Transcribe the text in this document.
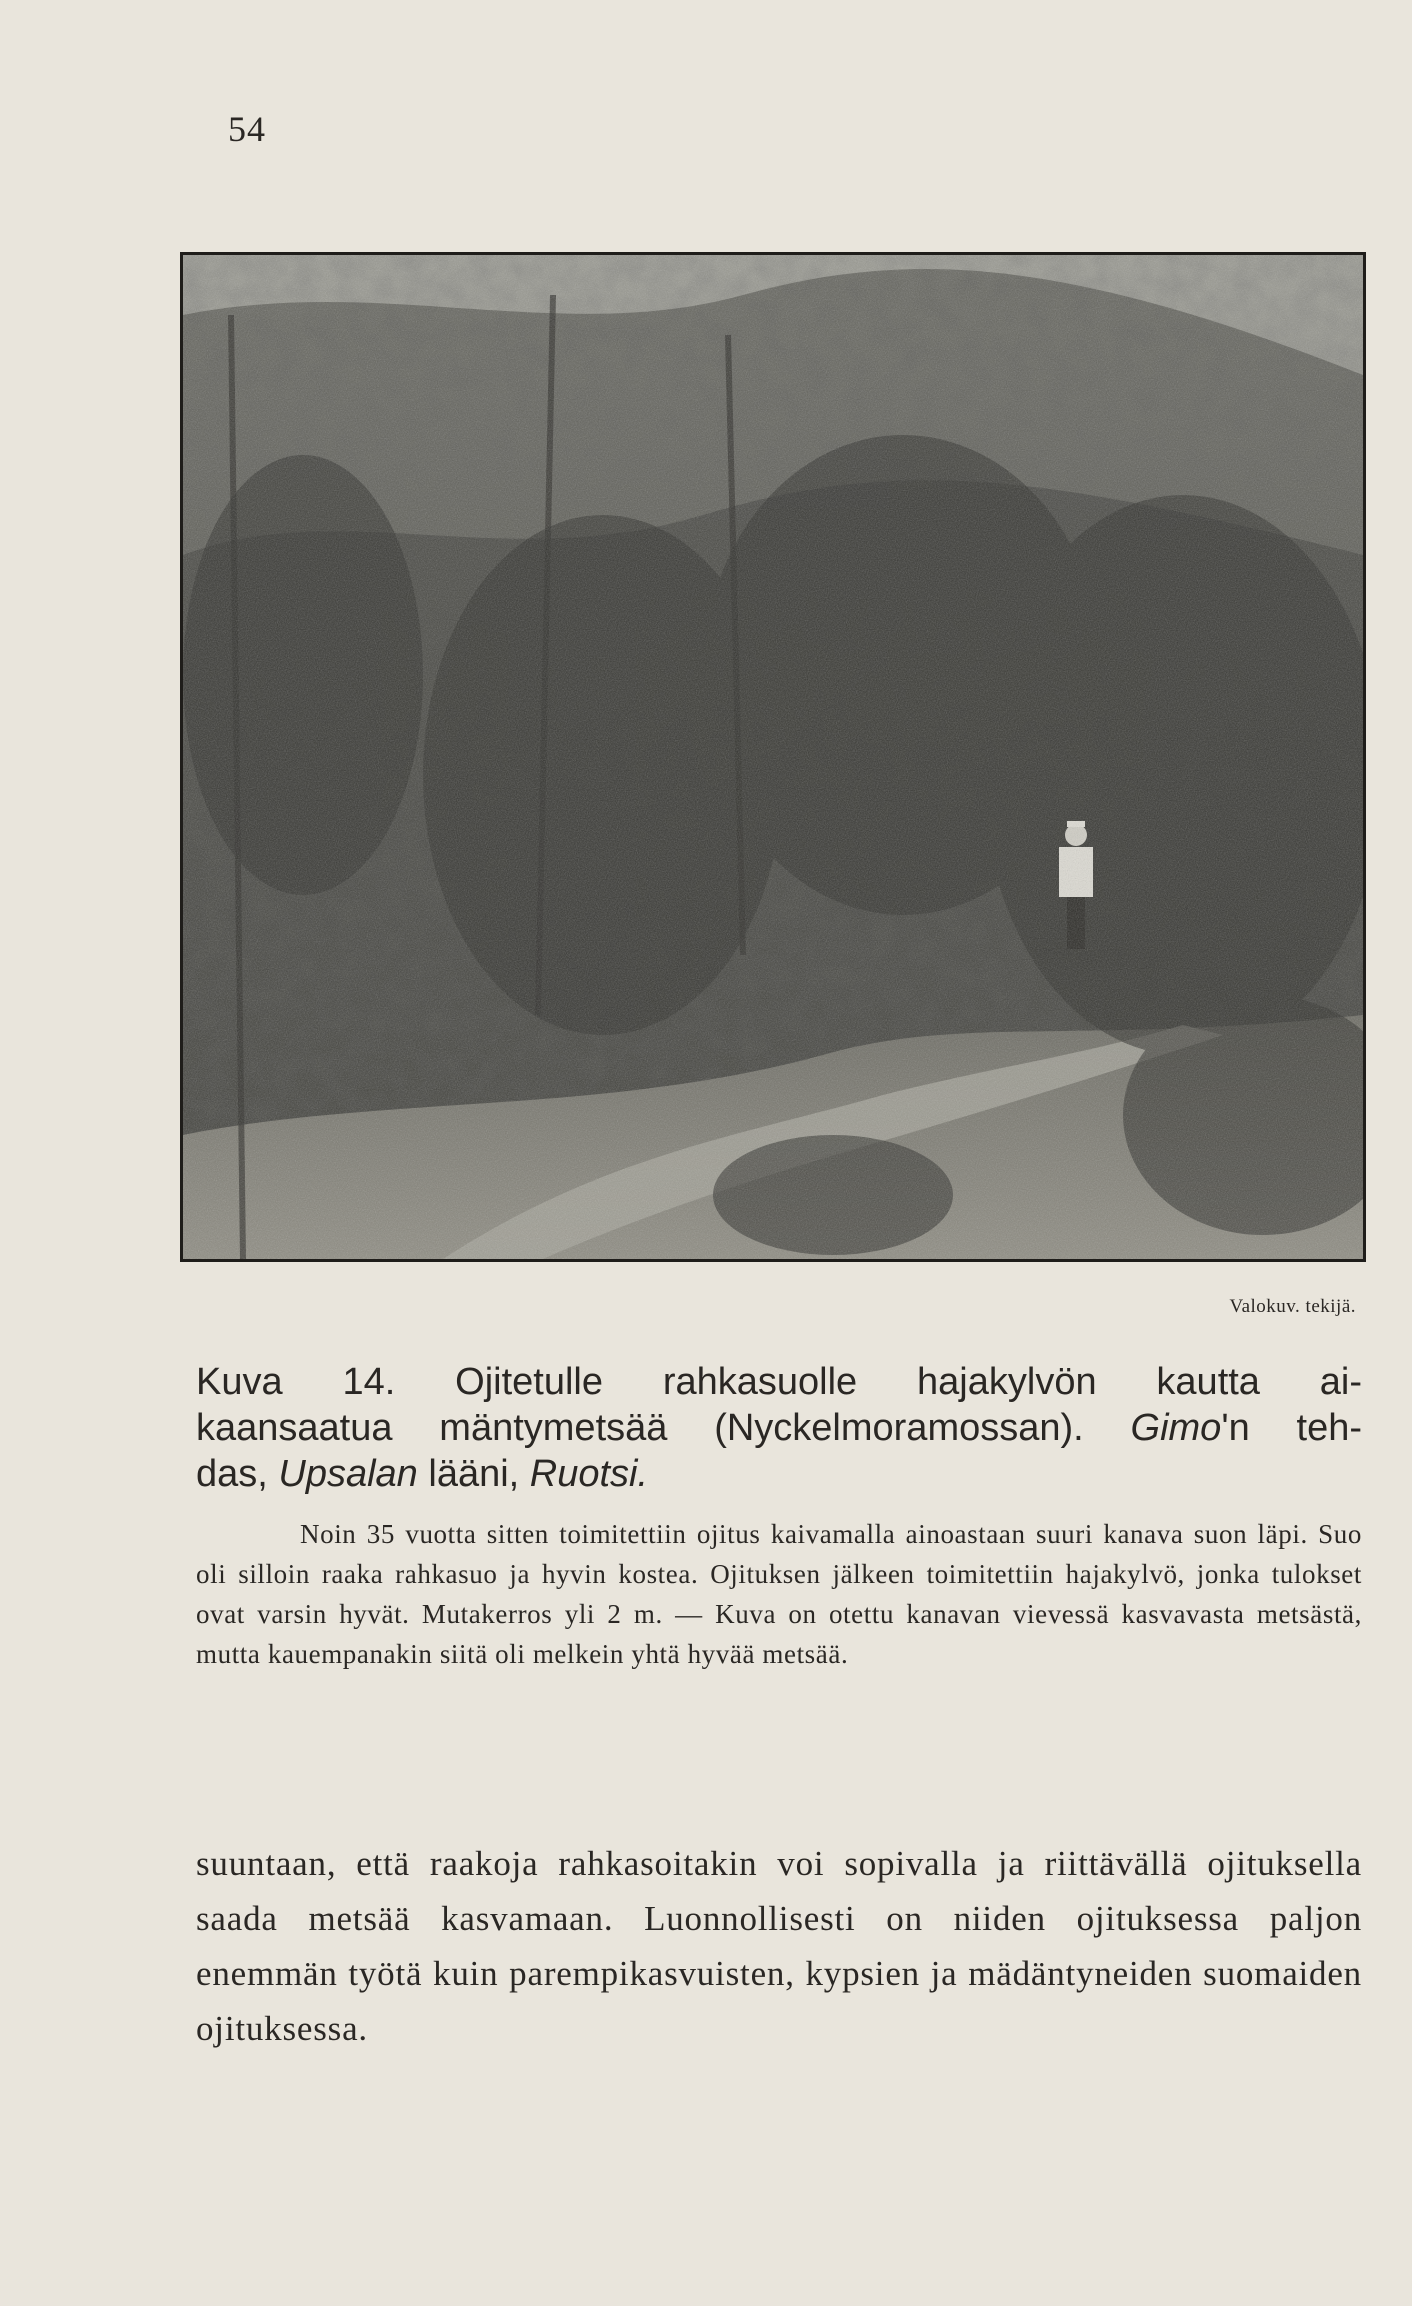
54
Valokuv. tekijä.

Kuva 14. Ojitetulle rahkasuolle hajakylvön kautta ai-

kaansaatua mäntymetsää (Nyckelmoramossan). Gimo'n teh-

das, Upsalan lääni, Ruotsi.

Noin 35 vuotta sitten toimitettiin ojitus kaivamalla ainoastaan suuri kanava suon läpi. Suo oli silloin raaka rahkasuo ja hyvin kostea. Ojituksen jälkeen toimitettiin hajakylvö, jonka tulokset ovat varsin hyvät. Mutakerros yli 2 m. — Kuva on otettu kanavan vievessä kasvavasta metsästä, mutta kauempanakin siitä oli melkein yhtä hyvää metsää.

suuntaan, että raakoja rahkasoitakin voi sopivalla ja riittävällä ojituksella saada metsää kasvamaan. Luonnollisesti on niiden ojituksessa paljon enemmän työtä kuin parempikasvuisten, kypsien ja mädäntyneiden suomaiden ojituksessa.
